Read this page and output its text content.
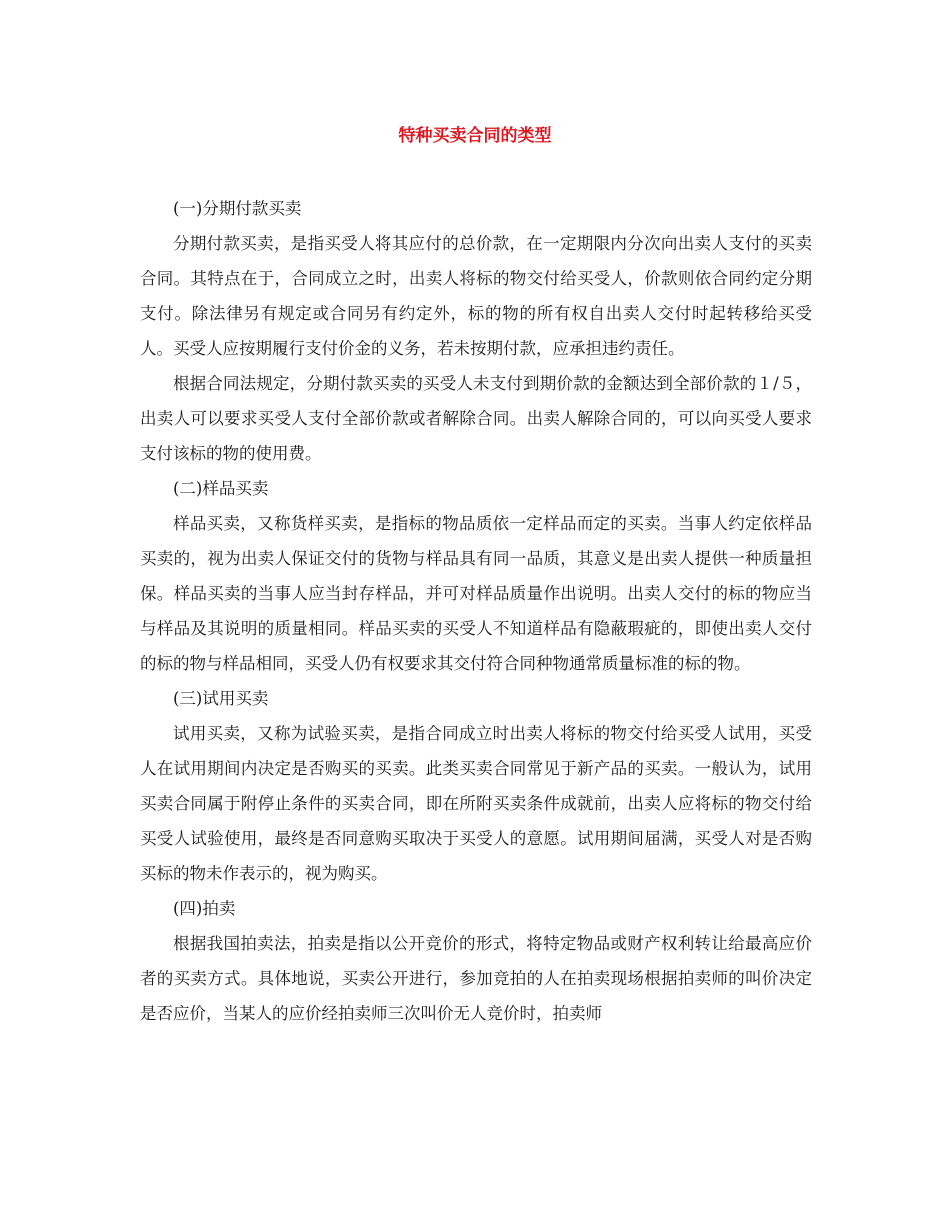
特种买卖合同的类型

(一)分期付款买卖

分期付款买卖，是指买受人将其应付的总价款，在一定期限内分次向出卖人支付的买卖合同。其特点在于，合同成立之时，出卖人将标的物交付给买受人，价款则依合同约定分期支付。除法律另有规定或合同另有约定外，标的物的所有权自出卖人交付时起转移给买受人。买受人应按期履行支付价金的义务，若未按期付款，应承担违约责任。

根据合同法规定，分期付款买卖的买受人未支付到期价款的金额达到全部价款的１/５，出卖人可以要求买受人支付全部价款或者解除合同。出卖人解除合同的，可以向买受人要求支付该标的物的使用费。

(二)样品买卖

样品买卖，又称货样买卖，是指标的物品质依一定样品而定的买卖。当事人约定依样品买卖的，视为出卖人保证交付的货物与样品具有同一品质，其意义是出卖人提供一种质量担保。样品买卖的当事人应当封存样品，并可对样品质量作出说明。出卖人交付的标的物应当与样品及其说明的质量相同。样品买卖的买受人不知道样品有隐蔽瑕疵的，即使出卖人交付的标的物与样品相同，买受人仍有权要求其交付符合同种物通常质量标准的标的物。

(三)试用买卖

试用买卖，又称为试验买卖，是指合同成立时出卖人将标的物交付给买受人试用，买受人在试用期间内决定是否购买的买卖。此类买卖合同常见于新产品的买卖。一般认为，试用买卖合同属于附停止条件的买卖合同，即在所附买卖条件成就前，出卖人应将标的物交付给买受人试验使用，最终是否同意购买取决于买受人的意愿。试用期间届满，买受人对是否购买标的物未作表示的，视为购买。

(四)拍卖

根据我国拍卖法，拍卖是指以公开竞价的形式，将特定物品或财产权利转让给最高应价者的买卖方式。具体地说，买卖公开进行，参加竞拍的人在拍卖现场根据拍卖师的叫价决定是否应价，当某人的应价经拍卖师三次叫价无人竞价时，拍卖师
